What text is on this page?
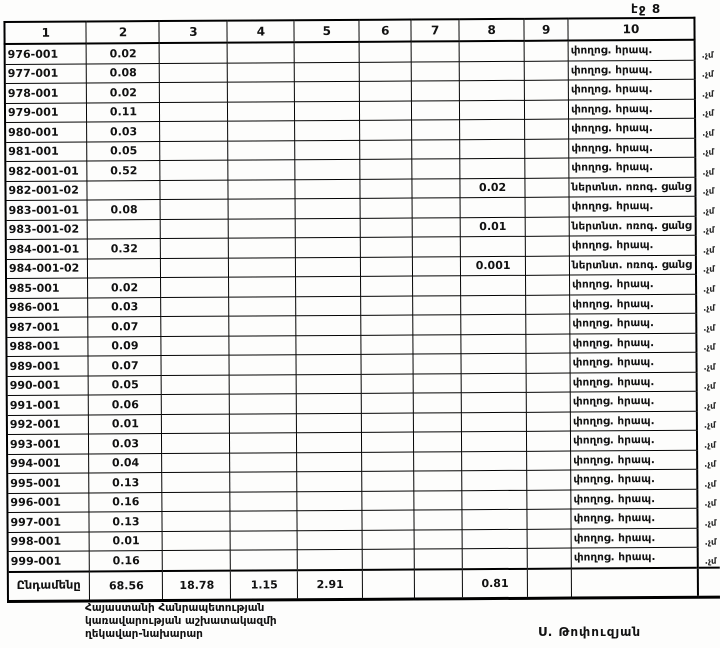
էջ 8
1	2	3	4	5	6	7	8	9	10	
976-001	0.02								փողոց. հրապ.	.չմ
977-001	0.08								փողոց. հրապ.	.չմ
978-001	0.02								փողոց. հրապ.	.չմ
979-001	0.11								փողոց. հրապ.	.չմ
980-001	0.03								փողոց. հրապ.	.չմ
981-001	0.05								փողոց. հրապ.	.չմ
982-001-01	0.52								փողոց. հրապ.	.չմ
982-001-02							0.02		ներտնտ. ոռոգ. ցանց	.չմ
983-001-01	0.08								փողոց. հրապ.	.չմ
983-001-02							0.01		ներտնտ. ոռոգ. ցանց	.չմ
984-001-01	0.32								փողոց. հրապ.	.չմ
984-001-02							0.001		ներտնտ. ոռոգ. ցանց	.չմ
985-001	0.02								փողոց. հրապ.	.չմ
986-001	0.03								փողոց. հրապ.	.չմ
987-001	0.07								փողոց. հրապ.	.չմ
988-001	0.09								փողոց. հրապ.	.չմ
989-001	0.07								փողոց. հրապ.	.չմ
990-001	0.05								փողոց. հրապ.	.չմ
991-001	0.06								փողոց. հրապ.	.չմ
992-001	0.01								փողոց. հրապ.	.չմ
993-001	0.03								փողոց. հրապ.	.չմ
994-001	0.04								փողոց. հրապ.	.չմ
995-001	0.13								փողոց. հրապ.	.չմ
996-001	0.16								փողոց. հրապ.	.չմ
997-001	0.13								փողոց. հրապ.	.չմ
998-001	0.01								փողոց. հրապ.	.չմ
999-001	0.16								փողոց. հրապ.	.չմ
Ընդամենը	68.56	18.78	1.15	2.91			0.81			
Հայաստանի Հանրապետության
կառավարության աշխատակազմի
ղեկավար-նախարար	Ս. Թոփուզյան
